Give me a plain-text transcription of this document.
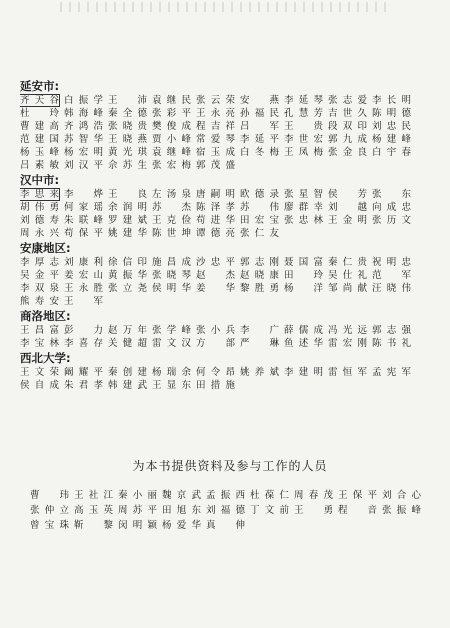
延安市:
齐天谷 白振学 王　沛 袁继民 张云荣 安　燕 李延琴 张志爱 李长明
杜　玲 韩海峰 秦全德 张彩平 王永亮 孙福民 孔慧芳 吉世久 陈明德
曹建高 齐鸿浩 张晓贵 樊俊成 程吉祥 吕　军 王　贵 段双印 刘忠民
范建国 苏智华 王晓燕 贾小峰 常爱琴 李延平 李世宏 郭九成 杨建峰
杨玉峰 杨宏明 黄光琪 袁继峰 宿玉成 白冬梅 王凤梅 张金良 白宇春
吕素敏 刘汉平 佘苏生 张宏梅 郭茂盛
汉中市:
李思来 李　烨 王　良 左汤泉 唐嗣明 欧德录 张星智 侯　芳 张　东
胡伟勇 何家瑶 余润明 苏　杰 陈泽孝 苏　伟 廖群幸 刘　越 向成忠
刘德寿 朱联峰 罗建斌 王克俭 苟进华 田宏宝 张忠林 王金明 张历文
周永兴 苟保平 姚建华 陈世坤 谭德亮 张仁友
安康地区:
李厚志 刘康利 徐信印 施昌成 沙忠平 郭志刚 聂国富 秦仁贵 祝明忠
吴金平 姜宏山 黄振华 张晓琴 赵　杰 赵晓康 田　玲 吴仕礼 范　军
李双泉 王永胜 张立尧 侯明华 姜　华 黎胜勇 杨　洋 邹尚献 汪晓伟
熊寿安 王　军
商洛地区:
王昌富 彭　力 赵万年 张学峰 张小兵 李　广 薛儒成 冯光远 郭志强
李宝林 李喜存 关健超 雷文汉 方　部 严　琳 鱼述华 雷宏刚 陈书礼
西北大学:
王文荣 阚耀平 秦创建 杨瑞余 何令昂 姚养斌 李建明 雷恒军 孟宪军
侯自成 朱君孝 韩建武 王显东 田措施
为本书提供资料及参与工作的人员
曹　玮 王社江 秦小丽 魏京武 孟振西 杜葆仁 周春茂 王保平 刘合心
张仲立 高玉英 周苏平 田旭东 刘福德 丁文前 王　勇 程　音 张振峰
曾宝珠 靳　黎 闵明颖 杨爱华 真　伸
